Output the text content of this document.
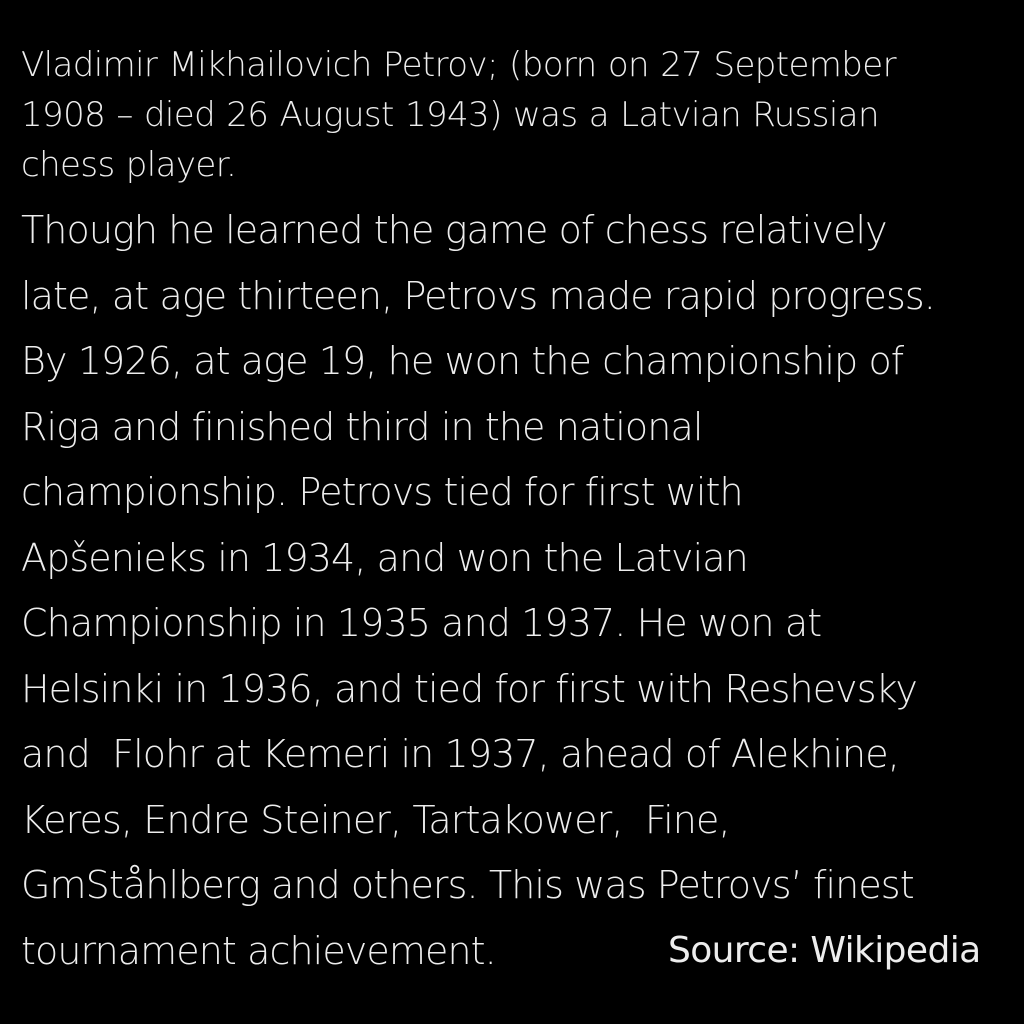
Vladimir Mikhailovich Petrov; (born on 27 September
1908 – died 26 August 1943) was a Latvian Russian
chess player.

Though he learned the game of chess relatively
late, at age thirteen, Petrovs made rapid progress.
By 1926, at age 19, he won the championship of
Riga and finished third in the national
championship. Petrovs tied for first with
Apšenieks in 1934, and won the Latvian
Championship in 1935 and 1937. He won at
Helsinki in 1936, and tied for first with Reshevsky
and  Flohr at Kemeri in 1937, ahead of Alekhine,
Keres, Endre Steiner, Tartakower,  Fine,
GmStåhlberg and others. This was Petrovs’ finest
tournament achievement.	Source: Wikipedia
